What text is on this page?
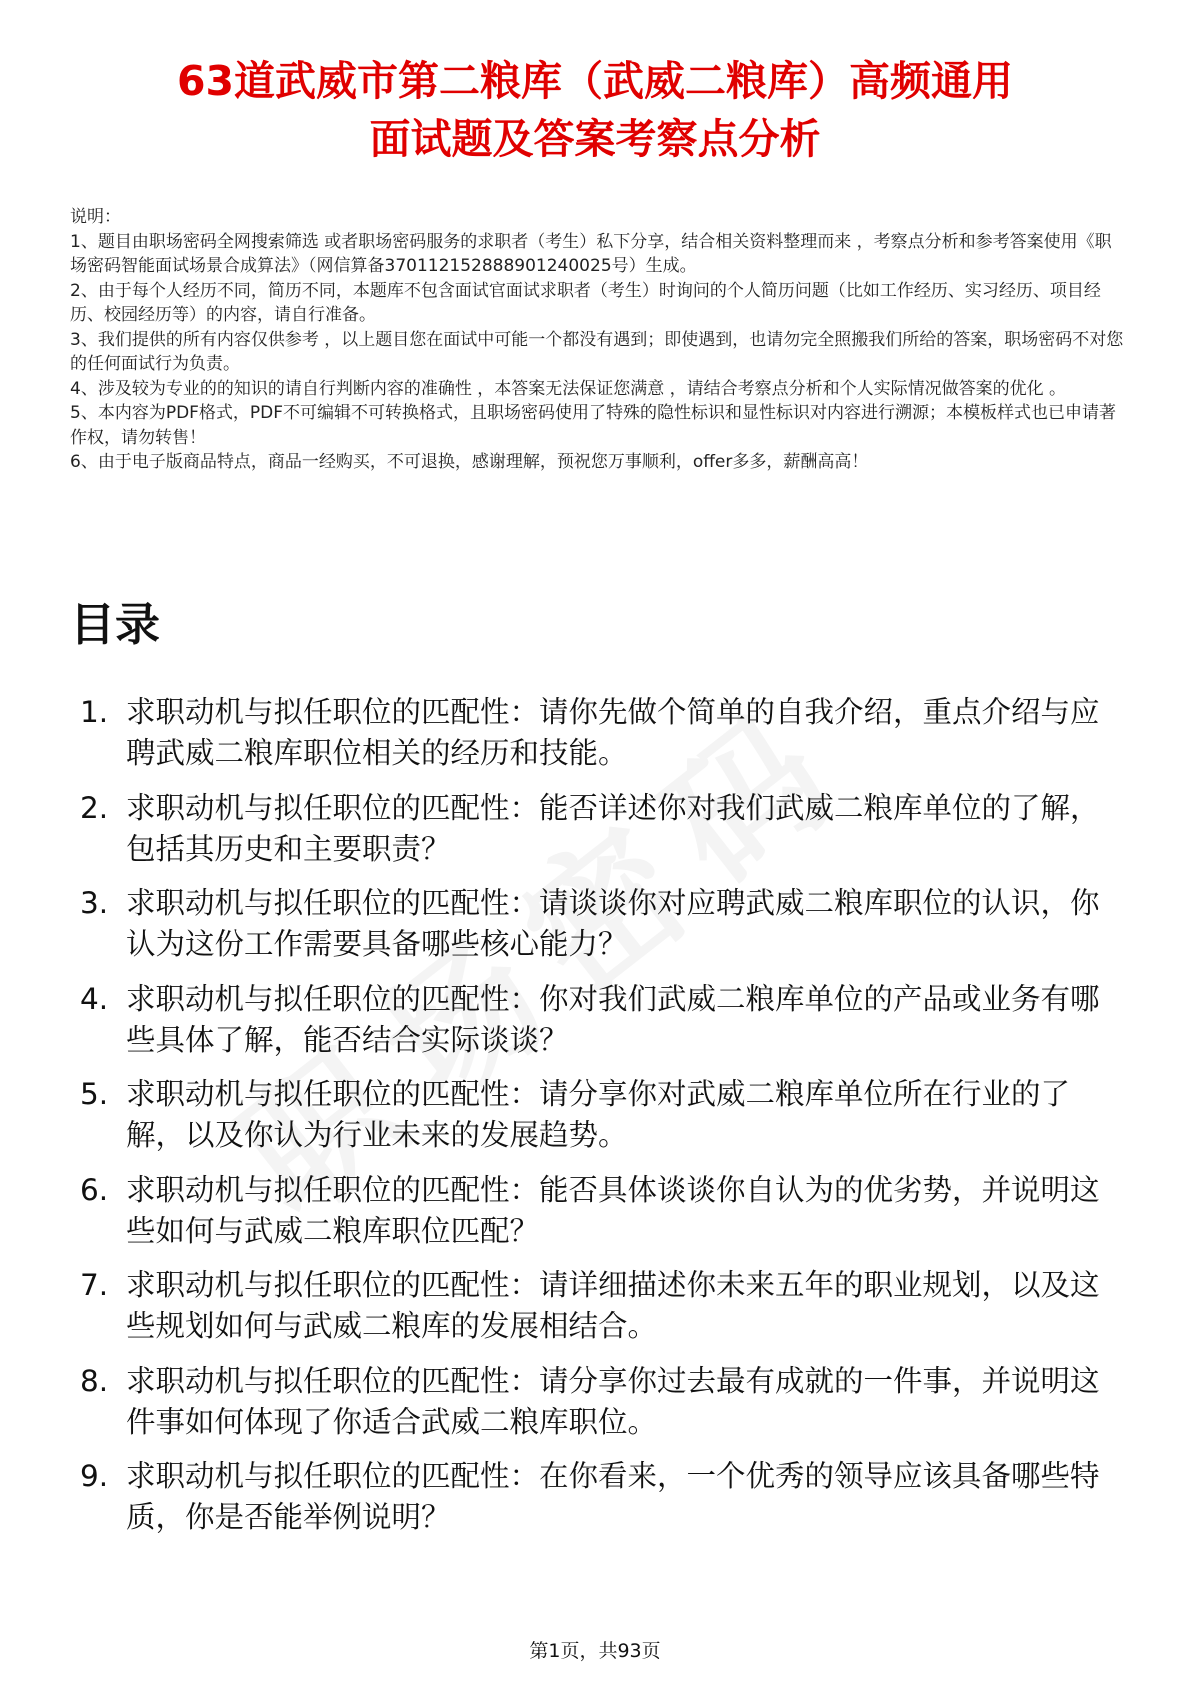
63道武威市第二粮库（武威二粮库）高频通用
面试题及答案考察点分析

说明：

1、题目由职场密码全网搜索筛选 或者职场密码服务的求职者（考生）私下分享，结合相关资料整理而来 ，考察点分析和参考答案使用《职场密码智能面试场景合成算法》（网信算备370112152888901240025号）生成。

2、由于每个人经历不同，简历不同，本题库不包含面试官面试求职者（考生）时询问的个人简历问题（比如工作经历、实习经历、项目经历、校园经历等）的内容，请自行准备。

3、我们提供的所有内容仅供参考 ，以上题目您在面试中可能一个都没有遇到；即使遇到，也请勿完全照搬我们所给的答案，职场密码不对您的任何面试行为负责。

4、涉及较为专业的的知识的请自行判断内容的准确性 ，本答案无法保证您满意 ，请结合考察点分析和个人实际情况做答案的优化 。

5、本内容为PDF格式，PDF不可编辑不可转换格式，且职场密码使用了特殊的隐性标识和显性标识对内容进行溯源；本模板样式也已申请著作权，请勿转售！

6、由于电子版商品特点，商品一经购买，不可退换，感谢理解，预祝您万事顺利，offer多多，薪酬高高！

目录
1. 求职动机与拟任职位的匹配性：请你先做个简单的自我介绍，重点介绍与应聘武威二粮库职位相关的经历和技能。
2. 求职动机与拟任职位的匹配性：能否详述你对我们武威二粮库单位的了解，包括其历史和主要职责？
3. 求职动机与拟任职位的匹配性：请谈谈你对应聘武威二粮库职位的认识，你认为这份工作需要具备哪些核心能力？
4. 求职动机与拟任职位的匹配性：你对我们武威二粮库单位的产品或业务有哪些具体了解，能否结合实际谈谈？
5. 求职动机与拟任职位的匹配性：请分享你对武威二粮库单位所在行业的了解，以及你认为行业未来的发展趋势。
6. 求职动机与拟任职位的匹配性：能否具体谈谈你自认为的优劣势，并说明这些如何与武威二粮库职位匹配？
7. 求职动机与拟任职位的匹配性：请详细描述你未来五年的职业规划，以及这些规划如何与武威二粮库的发展相结合。
8. 求职动机与拟任职位的匹配性：请分享你过去最有成就的一件事，并说明这件事如何体现了你适合武威二粮库职位。
9. 求职动机与拟任职位的匹配性：在你看来，一个优秀的领导应该具备哪些特质，你是否能举例说明？
第1页，共93页
